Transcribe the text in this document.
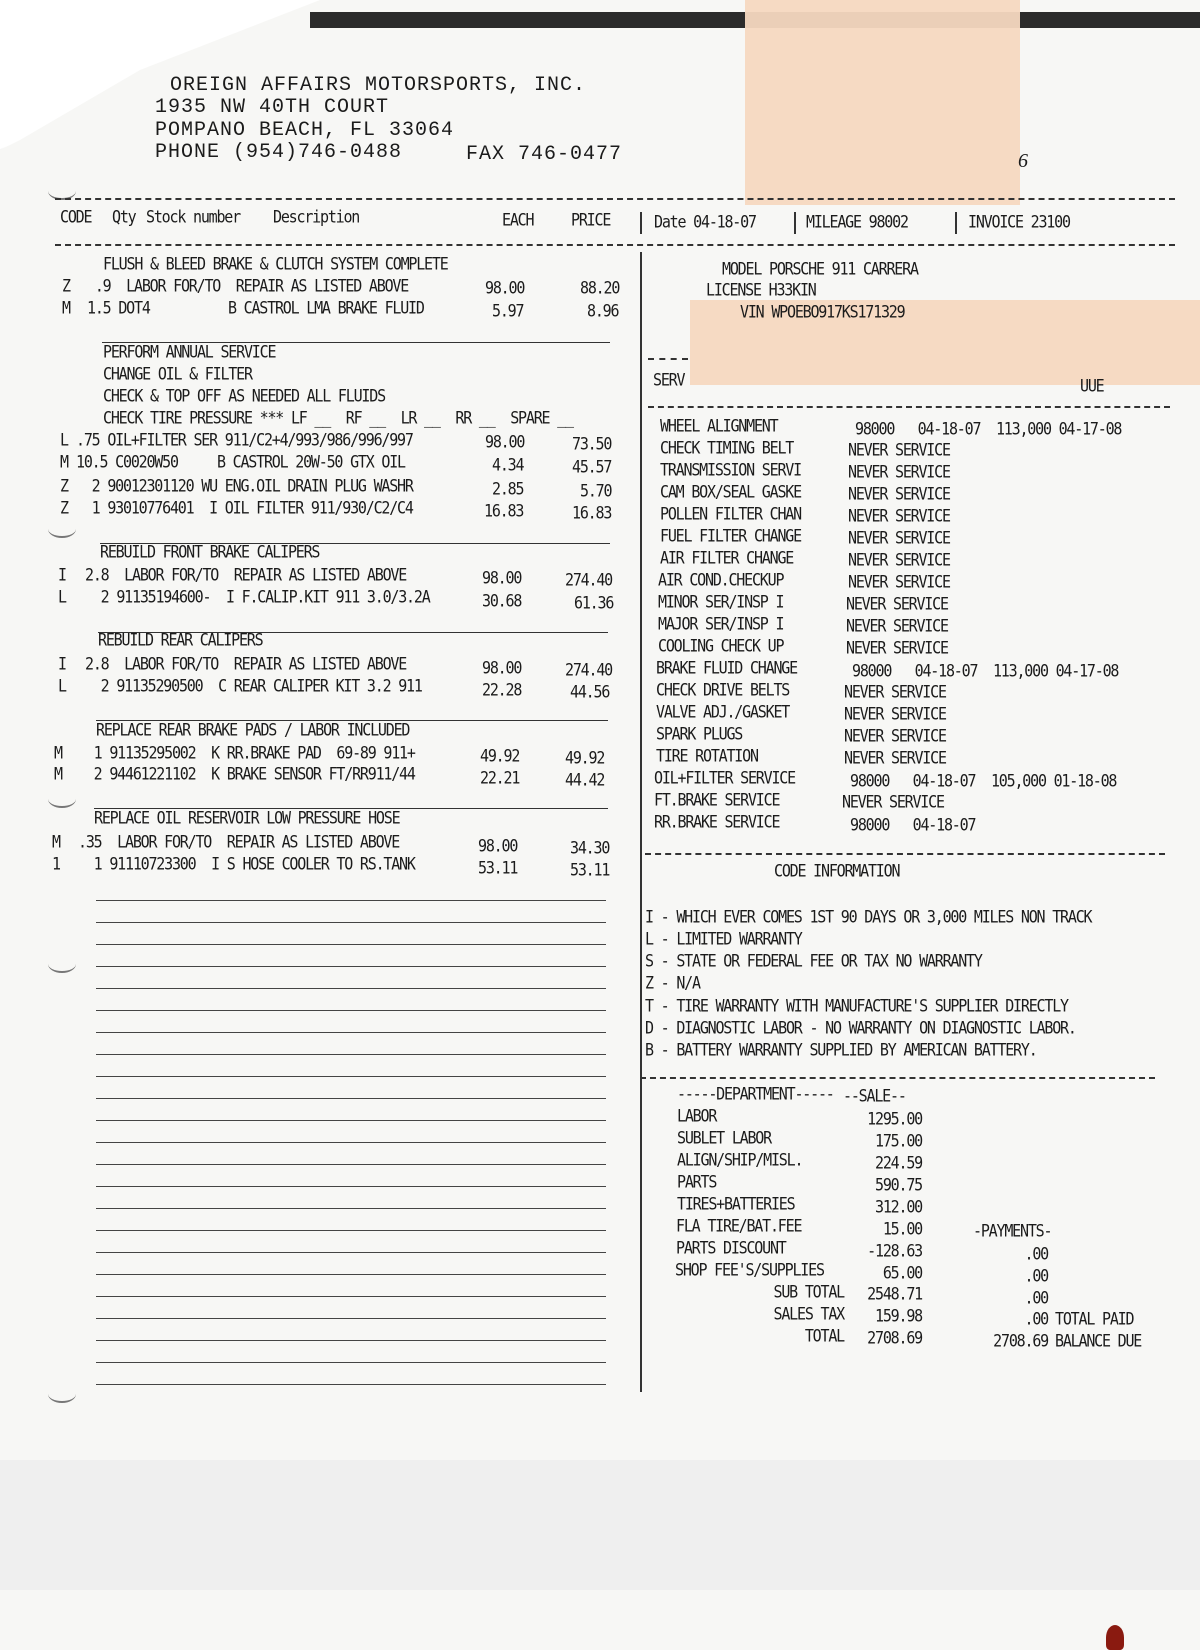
OREIGN AFFAIRS MOTORSPORTS, INC.
1935 NW 40TH COURT
POMPANO BEACH, FL 33064
PHONE (954)746-0488	FAX 746-0477	6
CODE Qty Stock number Description	EACH	PRICE	Date 04-18-07	MILEAGE 98002	INVOICE 23100
FLUSH & BLEED BRAKE & CLUTCH SYSTEM COMPLETE
Z .9  LABOR FOR/TO  REPAIR AS LISTED ABOVE	98.00	88.20
M 1.5 DOT4          B CASTROL LMA BRAKE FLUID	5.97	8.96
PERFORM ANNUAL SERVICE
CHANGE OIL & FILTER
CHECK & TOP OFF AS NEEDED ALL FLUIDS
CHECK TIRE PRESSURE *** LF __  RF __  LR __  RR __  SPARE __
L .75 OIL+FILTER SER 911/C2+4/993/986/996/997	98.00	73.50
M 10.5 C0020W50     B CASTROL 20W-50 GTX OIL	4.34	45.57
Z 2 90012301120 WU ENG.OIL DRAIN PLUG WASHR	2.85	5.70
Z 1 93010776401  I OIL FILTER 911/930/C2/C4	16.83	16.83
REBUILD FRONT BRAKE CALIPERS
I 2.8  LABOR FOR/TO  REPAIR AS LISTED ABOVE	98.00	274.40
L 2 91135194600-  I F.CALIP.KIT 911 3.0/3.2A	30.68	61.36
REBUILD REAR CALIPERS
I 2.8  LABOR FOR/TO  REPAIR AS LISTED ABOVE	98.00	274.40
L 2 91135290500  C REAR CALIPER KIT 3.2 911	22.28	44.56
REPLACE REAR BRAKE PADS / LABOR INCLUDED
M 1 91135295002  K RR.BRAKE PAD  69-89 911+	49.92	49.92
M 2 94461221102  K BRAKE SENSOR FT/RR911/44	22.21	44.42
REPLACE OIL RESERVOIR LOW PRESSURE HOSE
M .35  LABOR FOR/TO  REPAIR AS LISTED ABOVE	98.00	34.30
1 1 91110723300  I S HOSE COOLER TO RS.TANK	53.11	53.11
MODEL PORSCHE 911 CARRERA
LICENSE H33KIN
VIN WPOEBO917KS171329
SERV	UUE
WHEEL ALIGNMENT	98000   04-18-07  113,000 04-17-08
CHECK TIMING BELT	NEVER SERVICE
TRANSMISSION SERVI	NEVER SERVICE
CAM BOX/SEAL GASKE	NEVER SERVICE
POLLEN FILTER CHAN	NEVER SERVICE
FUEL FILTER CHANGE	NEVER SERVICE
AIR FILTER CHANGE	NEVER SERVICE
AIR COND.CHECKUP	NEVER SERVICE
MINOR SER/INSP I	NEVER SERVICE
MAJOR SER/INSP I	NEVER SERVICE
COOLING CHECK UP	NEVER SERVICE
BRAKE FLUID CHANGE	98000   04-18-07  113,000 04-17-08
CHECK DRIVE BELTS	NEVER SERVICE
VALVE ADJ./GASKET	NEVER SERVICE
SPARK PLUGS	NEVER SERVICE
TIRE ROTATION	NEVER SERVICE
OIL+FILTER SERVICE	98000   04-18-07  105,000 01-18-08
FT.BRAKE SERVICE	NEVER SERVICE
RR.BRAKE SERVICE	98000   04-18-07
CODE INFORMATION
I - WHICH EVER COMES 1ST 90 DAYS OR 3,000 MILES NON TRACK
L - LIMITED WARRANTY
S - STATE OR FEDERAL FEE OR TAX NO WARRANTY
Z - N/A
T - TIRE WARRANTY WITH MANUFACTURE'S SUPPLIER DIRECTLY
D - DIAGNOSTIC LABOR - NO WARRANTY ON DIAGNOSTIC LABOR.
B - BATTERY WARRANTY SUPPLIED BY AMERICAN BATTERY.
-----DEPARTMENT----- --SALE--
LABOR	1295.00
SUBLET LABOR	175.00
ALIGN/SHIP/MISL.	224.59
PARTS	590.75
TIRES+BATTERIES	312.00
FLA TIRE/BAT.FEE	15.00
PARTS DISCOUNT	-128.63
SHOP FEE'S/SUPPLIES	65.00
SUB TOTAL	2548.71
SALES TAX	159.98
TOTAL	2708.69
-PAYMENTS-
.00
.00
.00
.00 TOTAL PAID
2708.69 BALANCE DUE
